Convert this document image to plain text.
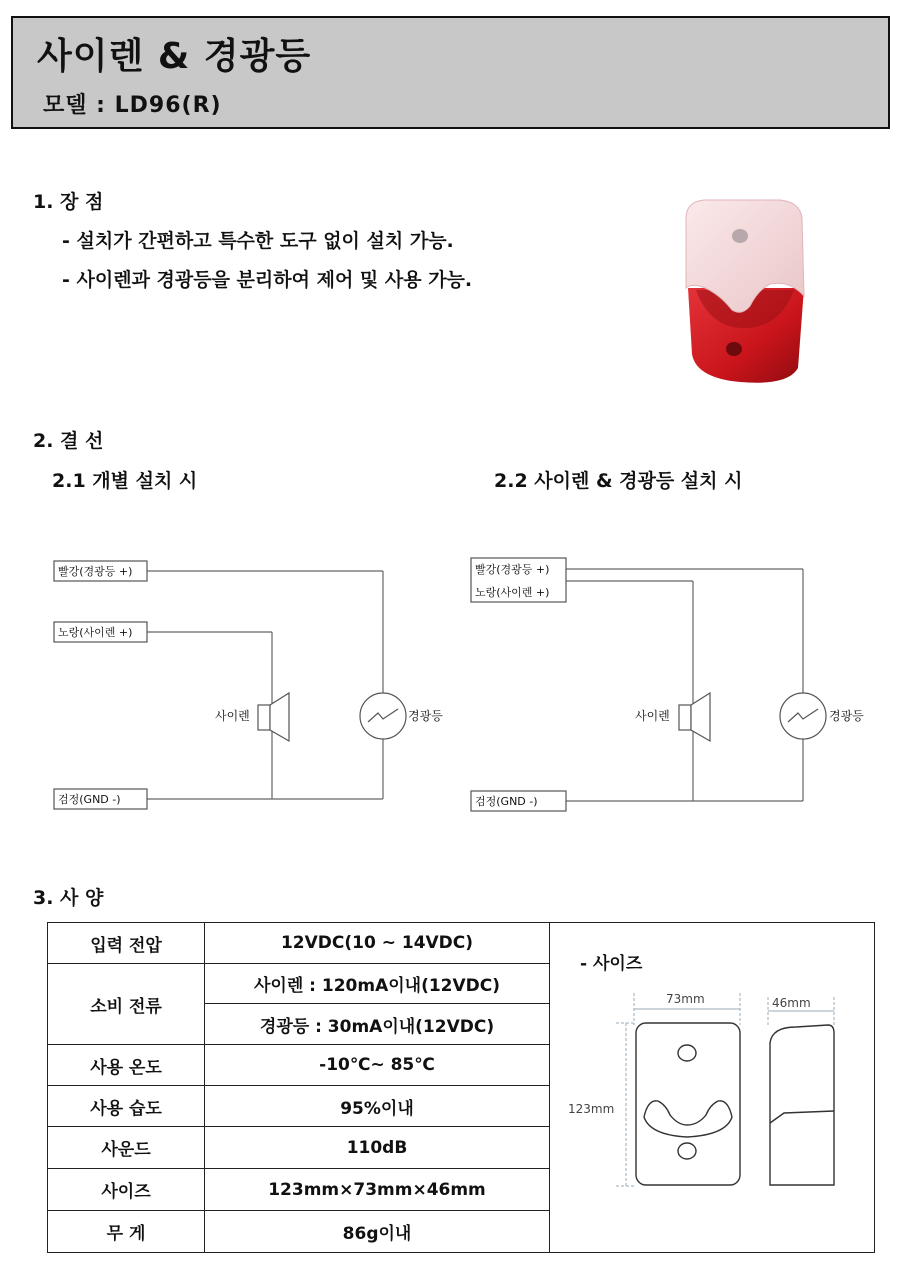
사이렌 & 경광등
모델 : LD96(R)
1. 장 점
- 설치가 간편하고 특수한 도구 없이 설치 가능.
- 사이렌과 경광등을 분리하여 제어 및 사용 가능.
2. 결 선
2.1 개별 설치 시	2.2 사이렌 & 경광등 설치 시
빨강(경광등 +)
노랑(사이렌 +)
검정(GND -)
사이렌	경광등
빨강(경광등 +)
노랑(사이렌 +)
검정(GND -)
사이렌	경광등
3. 사 양
입력 전압	12VDC(10 ~ 14VDC)	- 사이즈
73mm 46mm
123mm

소비 전류	사이렌 : 120mA이내(12VDC)	
	경광등 : 30mA이내(12VDC)	
사용 온도	-10℃~ 85℃	
사용 습도	95%이내	
사운드	110dB	
사이즈	123mm×73mm×46mm	
무 게	86g이내	
